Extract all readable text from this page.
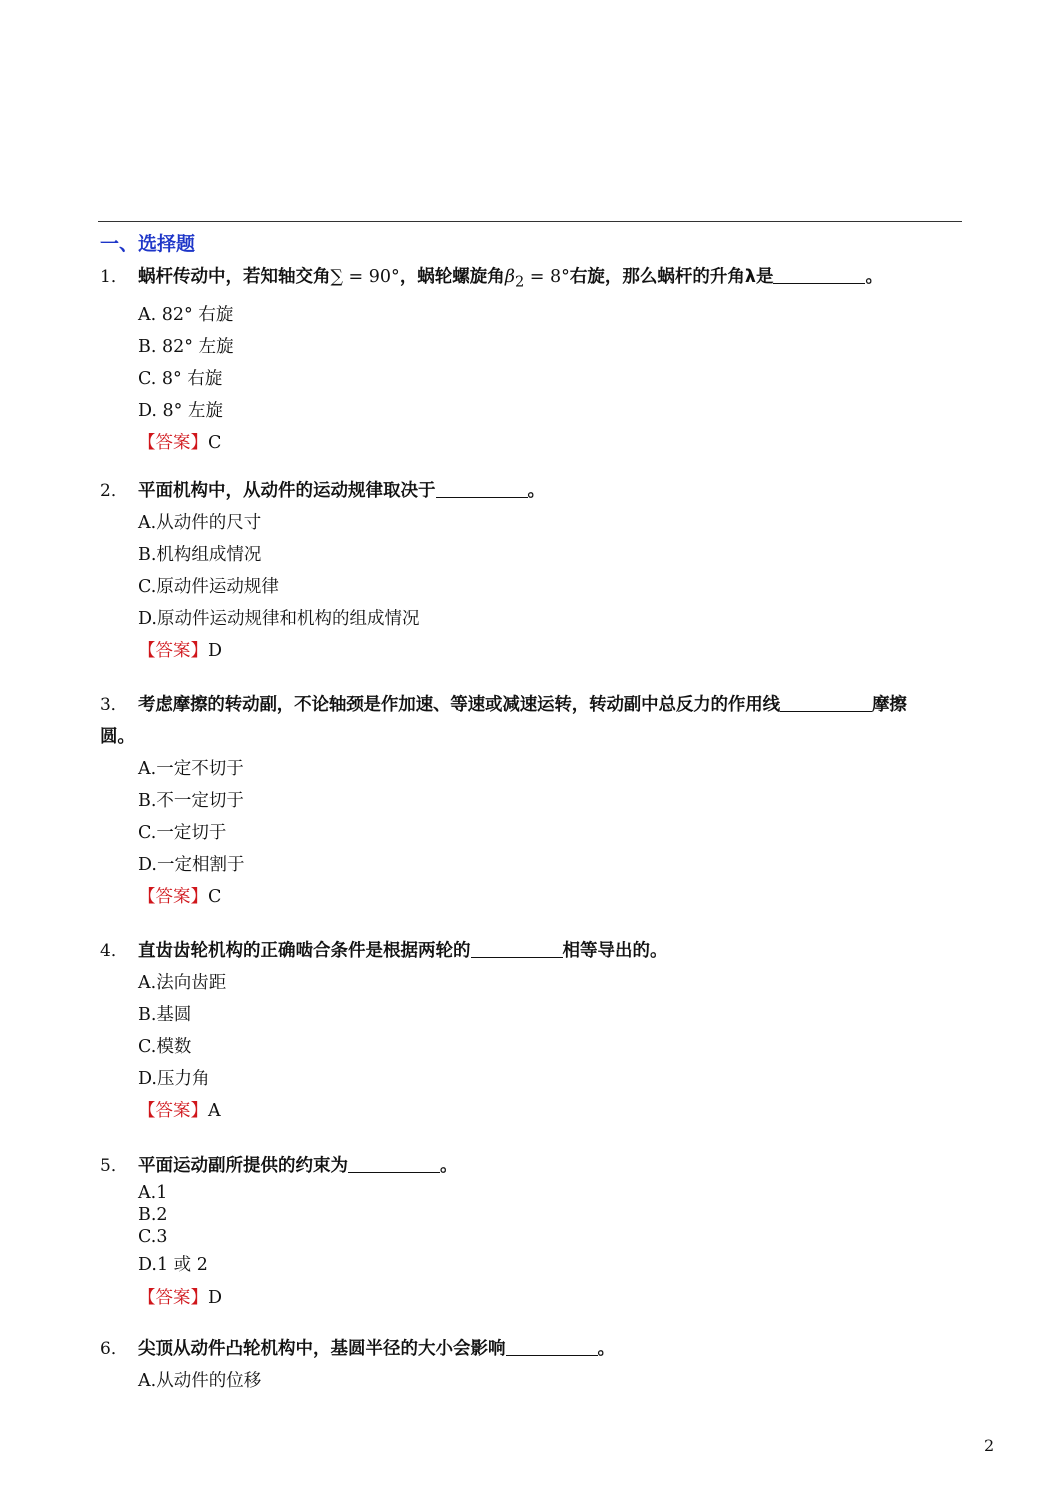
一、选择题
1． 蜗杆传动中，若知轴交角∑ = 90°，蜗轮螺旋角$\beta_2 = 8^\circ$右旋，那么蜗杆的升角λ是	。
A. 82° 右旋
B. 82° 左旋
C. 8° 右旋
D. 8° 左旋
【答案】C
2． 平面机构中，从动件的运动规律取决于	。
A.从动件的尺寸
B.机构组成情况
C.原动件运动规律
D.原动件运动规律和机构的组成情况
【答案】D
3． 考虑摩擦的转动副，不论轴颈是作加速、等速或减速运转，转动副中总反力的作用线	摩擦
圆。
A.一定不切于
B.不一定切于
C.一定切于
D.一定相割于
【答案】C
4． 直齿齿轮机构的正确啮合条件是根据两轮的	相等导出的。
A.法向齿距
B.基圆
C.模数
D.压力角
【答案】A
5． 平面运动副所提供的约束为	。
A.1
B.2
C.3
D.1 或 2
【答案】D
6． 尖顶从动件凸轮机构中，基圆半径的大小会影响	。
A.从动件的位移
2
